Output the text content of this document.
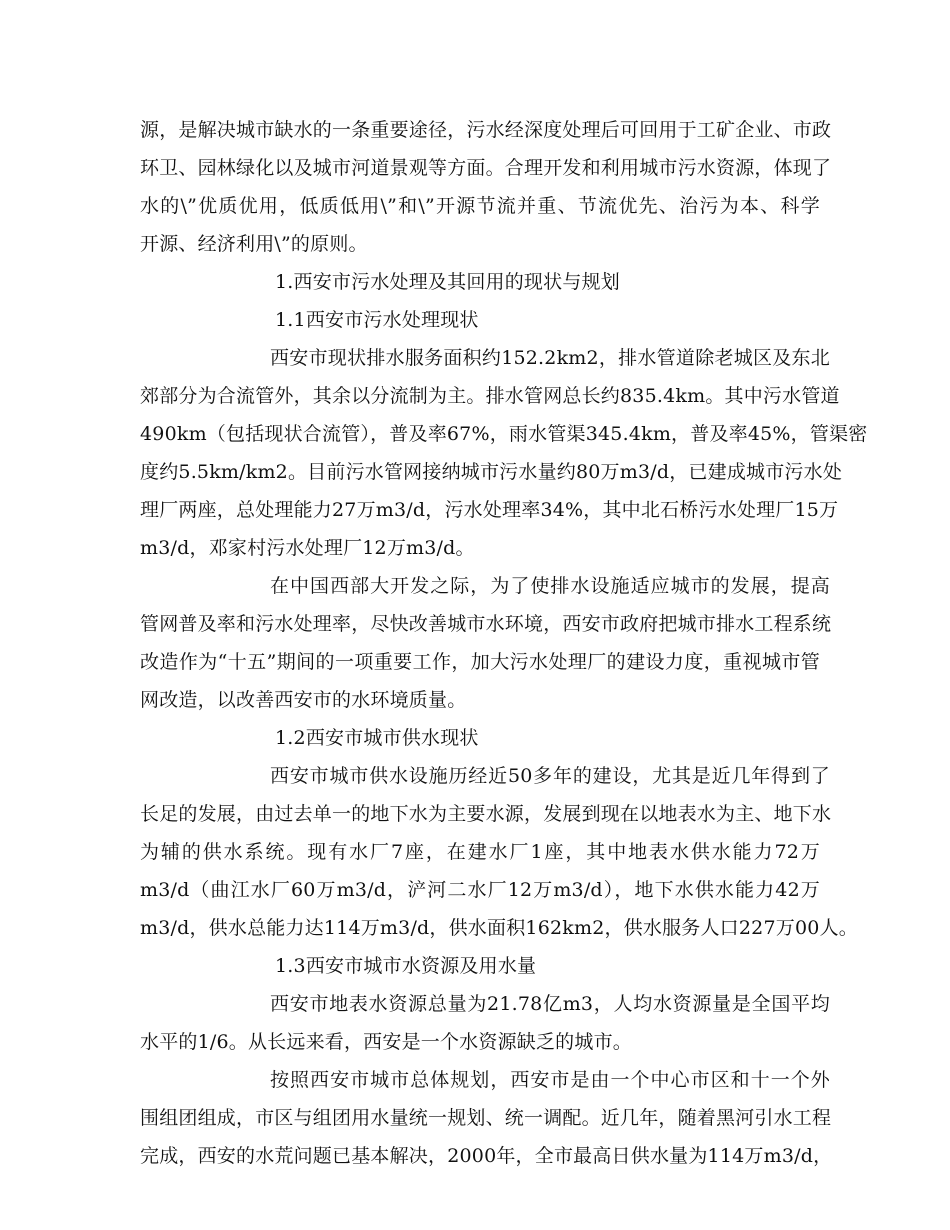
源，是解决城市缺水的一条重要途径，污水经深度处理后可回用于工矿企业、市政
环卫、园林绿化以及城市河道景观等方面。合理开发和利用城市污水资源，体现了
水的\”优质优用，低质低用\”和\”开源节流并重、节流优先、治污为本、科学
开源、经济利用\”的原则。
1.西安市污水处理及其回用的现状与规划
1.1西安市污水处理现状
西安市现状排水服务面积约152.2km2，排水管道除老城区及东北
郊部分为合流管外，其余以分流制为主。排水管网总长约835.4km。其中污水管道
490km（包括现状合流管），普及率67%，雨水管渠345.4km，普及率45%，管渠密
度约5.5km/km2。目前污水管网接纳城市污水量约80万m3/d，已建成城市污水处
理厂两座，总处理能力27万m3/d，污水处理率34%，其中北石桥污水处理厂15万
m3/d，邓家村污水处理厂12万m3/d。
在中国西部大开发之际，为了使排水设施适应城市的发展，提高
管网普及率和污水处理率，尽快改善城市水环境，西安市政府把城市排水工程系统
改造作为“十五”期间的一项重要工作，加大污水处理厂的建设力度，重视城市管
网改造，以改善西安市的水环境质量。
1.2西安市城市供水现状
西安市城市供水设施历经近50多年的建设，尤其是近几年得到了
长足的发展，由过去单一的地下水为主要水源，发展到现在以地表水为主、地下水
为辅的供水系统。现有水厂7座，在建水厂1座，其中地表水供水能力72万
m3/d（曲江水厂60万m3/d，浐河二水厂12万m3/d），地下水供水能力42万
m3/d，供水总能力达114万m3/d，供水面积162km2，供水服务人口227万00人。
1.3西安市城市水资源及用水量
西安市地表水资源总量为21.78亿m3，人均水资源量是全国平均
水平的1/6。从长远来看，西安是一个水资源缺乏的城市。
按照西安市城市总体规划，西安市是由一个中心市区和十一个外
围组团组成，市区与组团用水量统一规划、统一调配。近几年，随着黑河引水工程
完成，西安的水荒问题已基本解决，2000年，全市最高日供水量为114万m3/d，
